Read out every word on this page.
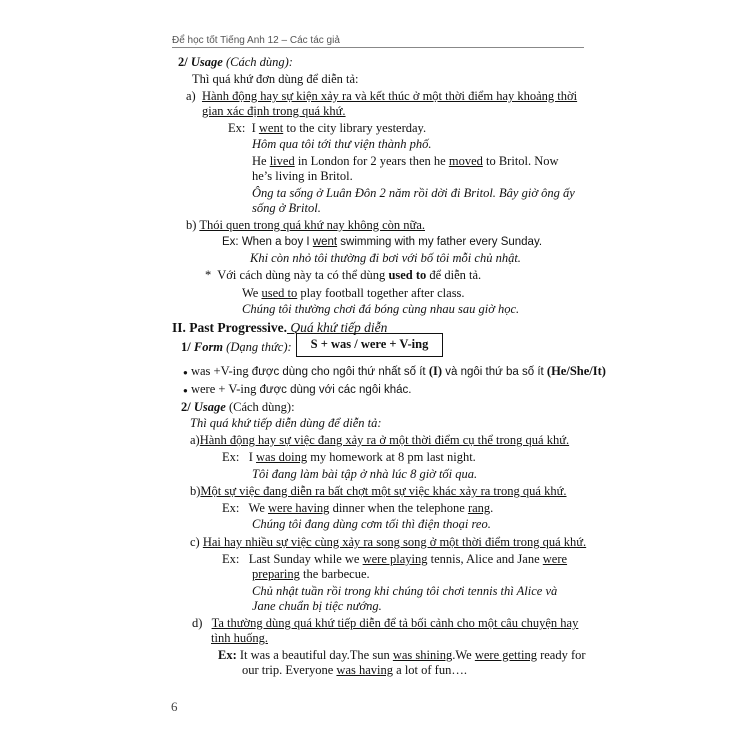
Để học tốt Tiếng Anh 12 – Các tác giả
2/ Usage (Cách dùng):
Thì quá khứ đơn dùng để diễn tả:
a) Hành động hay sự kiện xảy ra và kết thúc ở một thời điểm hay khoảng thời
gian xác định trong quá khứ.
Ex: I went to the city library yesterday.
Hôm qua tôi tới thư viện thành phố.
He lived in London for 2 years then he moved to Britol. Now
he’s living in Britol.
Ông ta sống ở Luân Đôn 2 năm rồi dời đi Britol. Bây giờ ông ấy
sống ở Britol.
b) Thói quen trong quá khứ nay không còn nữa.
Ex: When a boy I went swimming with my father every Sunday.
Khi còn nhỏ tôi thường đi bơi với bố tôi mỗi chủ nhật.
* Với cách dùng này ta có thể dùng used to để diễn tả.
We used to play football together after class.
Chúng tôi thường chơi đá bóng cùng nhau sau giờ học.
II. Past Progressive. Quá khứ tiếp diễn
1/ Form (Dạng thức):	S + was / were + V-ing
● was +V-ing được dùng cho ngôi thứ nhất số ít (I) và ngôi thứ ba số ít (He/She/It)
● were + V-ing được dùng với các ngôi khác.
2/ Usage (Cách dùng):
Thì quá khứ tiếp diễn dùng để diễn tả:
a)Hành động hay sự việc đang xảy ra ở một thời điểm cụ thể trong quá khứ.
Ex: I was doing my homework at 8 pm last night.
Tôi đang làm bài tập ở nhà lúc 8 giờ tối qua.
b)Một sự việc đang diễn ra bất chợt một sự việc khác xảy ra trong quá khứ.
Ex: We were having dinner when the telephone rang.
Chúng tôi đang dùng cơm tối thì điện thoại reo.
c) Hai hay nhiều sự việc cùng xảy ra song song ở một thời điểm trong quá khứ.
Ex: Last Sunday while we were playing tennis, Alice and Jane were
preparing the barbecue.
Chủ nhật tuần rồi trong khi chúng tôi chơi tennis thì Alice và
Jane chuẩn bị tiệc nướng.
d) Ta thường dùng quá khứ tiếp diễn để tả bối cảnh cho một câu chuyện hay
tình huống.
Ex: It was a beautiful day.The sun was shining.We were getting ready for
our trip. Everyone was having a lot of fun….
6
